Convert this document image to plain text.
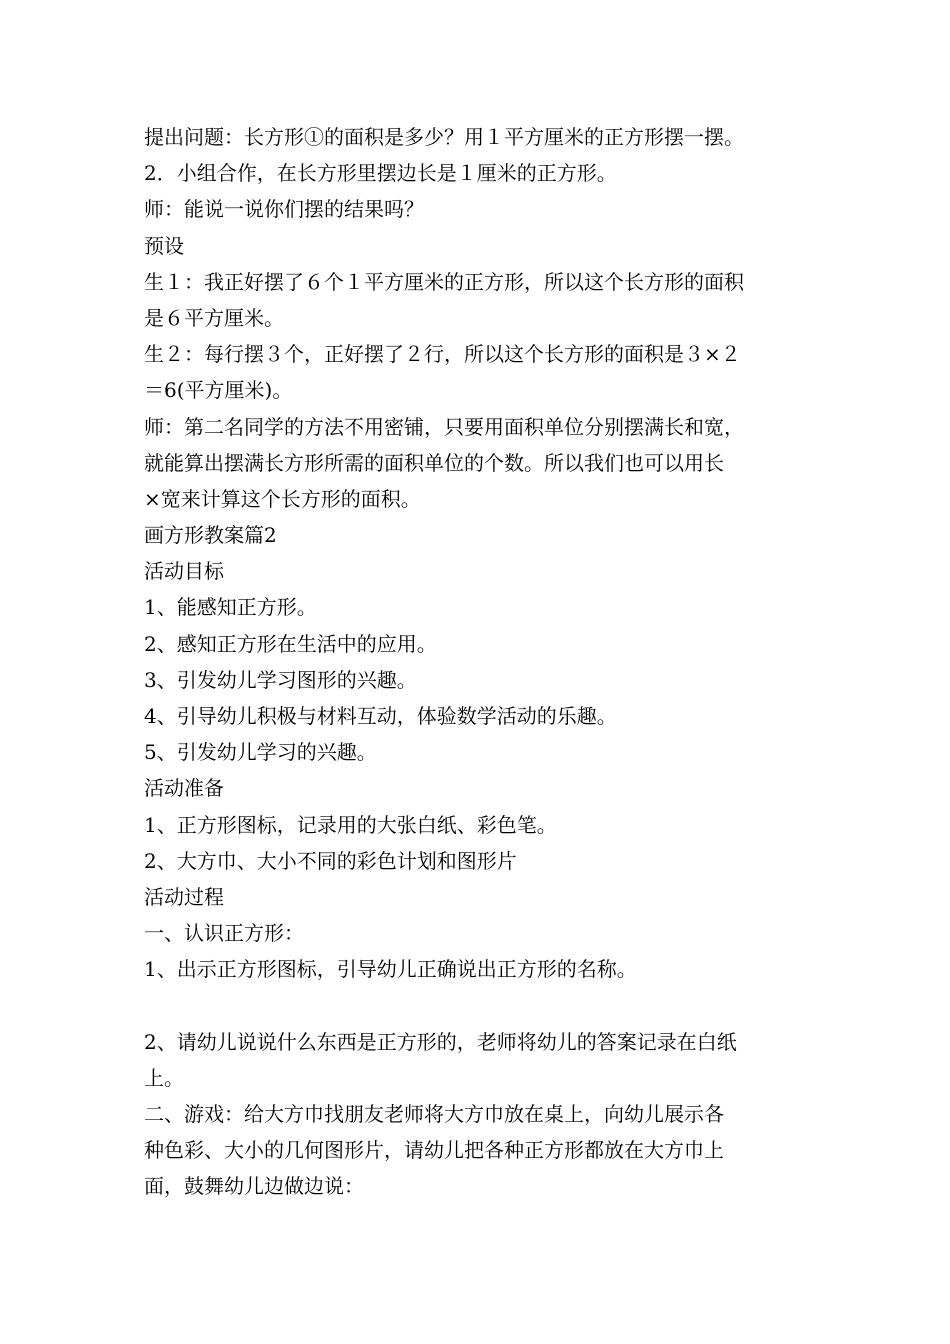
提出问题：长方形①的面积是多少？用１平方厘米的正方形摆一摆。

2．小组合作，在长方形里摆边长是１厘米的正方形。

师：能说一说你们摆的结果吗？

预设

生１：我正好摆了６个１平方厘米的正方形，所以这个长方形的面积

是６平方厘米。

生２：每行摆３个，正好摆了２行，所以这个长方形的面积是３×２

＝6(平方厘米)。

师：第二名同学的方法不用密铺，只要用面积单位分别摆满长和宽，

就能算出摆满长方形所需的面积单位的个数。所以我们也可以用长

×宽来计算这个长方形的面积。

画方形教案篇2

活动目标

1、能感知正方形。

2、感知正方形在生活中的应用。

3、引发幼儿学习图形的兴趣。

4、引导幼儿积极与材料互动，体验数学活动的乐趣。

5、引发幼儿学习的兴趣。

活动准备

1、正方形图标，记录用的大张白纸、彩色笔。

2、大方巾、大小不同的彩色计划和图形片

活动过程

一、认识正方形：

1、出示正方形图标，引导幼儿正确说出正方形的名称。

2、请幼儿说说什么东西是正方形的，老师将幼儿的答案记录在白纸

上。

二、游戏：给大方巾找朋友老师将大方巾放在桌上，向幼儿展示各

种色彩、大小的几何图形片，请幼儿把各种正方形都放在大方巾上

面，鼓舞幼儿边做边说：
